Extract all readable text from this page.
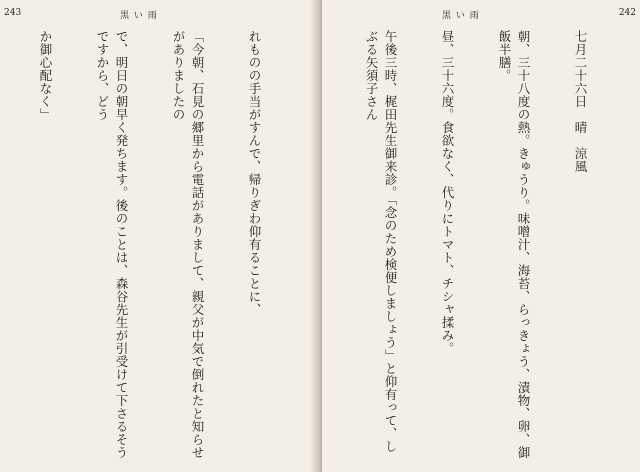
243	黒 い 雨

れものの手当がすんで、帰りぎわ仰有ることに、

「今朝、石見の郷里から電話がありまして、親父が中気で倒れたと知らせがありましたの

で、明日の朝早く発ちます。後のことは、森谷先生が引受けて下さるそうですから、どう

か御心配なく」

黒 い 雨	242

七月二十六日　晴　涼風

朝、三十八度の熱。きゅうり。味噌汁、海苔、らっきょう、漬物、卵、御飯半膳。

昼、三十六度。食欲なく、代りにトマト、チシャ揉み。

午後三時、梶田先生御来診。「念のため検便しましょう」と仰有って、しぶる矢須子さん
